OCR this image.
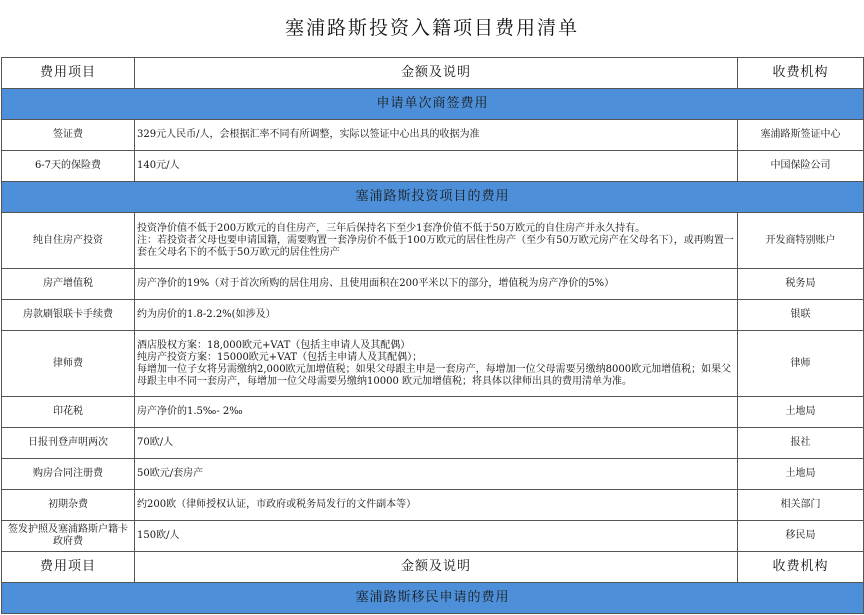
塞浦路斯投资入籍项目费用清单
费用项目	金额及说明	收费机构
申请单次商签费用		
签证费	329元人民币/人，会根据汇率不同有所调整，实际以签证中心出具的收据为准	塞浦路斯签证中心
6-7天的保险费	140元/人	中国保险公司
塞浦路斯投资项目的费用		
纯自住房产投资	投资净价值不低于200万欧元的自住房产，三年后保持名下至少1套净价值不低于50万欧元的自住房产并永久持有。
注：若投资者父母也要申请国籍，需要购置一套净房价不低于100万欧元的居住性房产（至少有50万欧元房产在父母名下），或再购置一套在父母名下的不低于50万欧元的居住性房产	开发商特别账户
房产增值税	房产净价的19%（对于首次所购的居住用房、且使用面积在200平米以下的部分，增值税为房产净价的5%）	税务局
房款刷银联卡手续费	约为房价的1.8-2.2%(如涉及）	银联
律师费	酒店股权方案：18,000欧元+VAT（包括主申请人及其配偶）
纯房产投资方案：15000欧元+VAT（包括主申请人及其配偶）；
每增加一位子女将另需缴纳2,000欧元加增值税；如果父母跟主申是一套房产，每增加一位父母需要另缴纳8000欧元加增值税；如果父母跟主申不同一套房产，每增加一位父母需要另缴纳10000 欧元加增值税；将具体以律师出具的费用清单为准。	律师
印花税	房产净价的1.5‰- 2‰	土地局
日报刊登声明两次	70欧/人	报社
购房合同注册费	50欧元/套房产	土地局
初期杂费	约200欧（律师授权认证，市政府或税务局发行的文件副本等）	相关部门
签发护照及塞浦路斯户籍卡政府费	150欧/人	移民局
费用项目	金额及说明	收费机构
塞浦路斯移民申请的费用		
